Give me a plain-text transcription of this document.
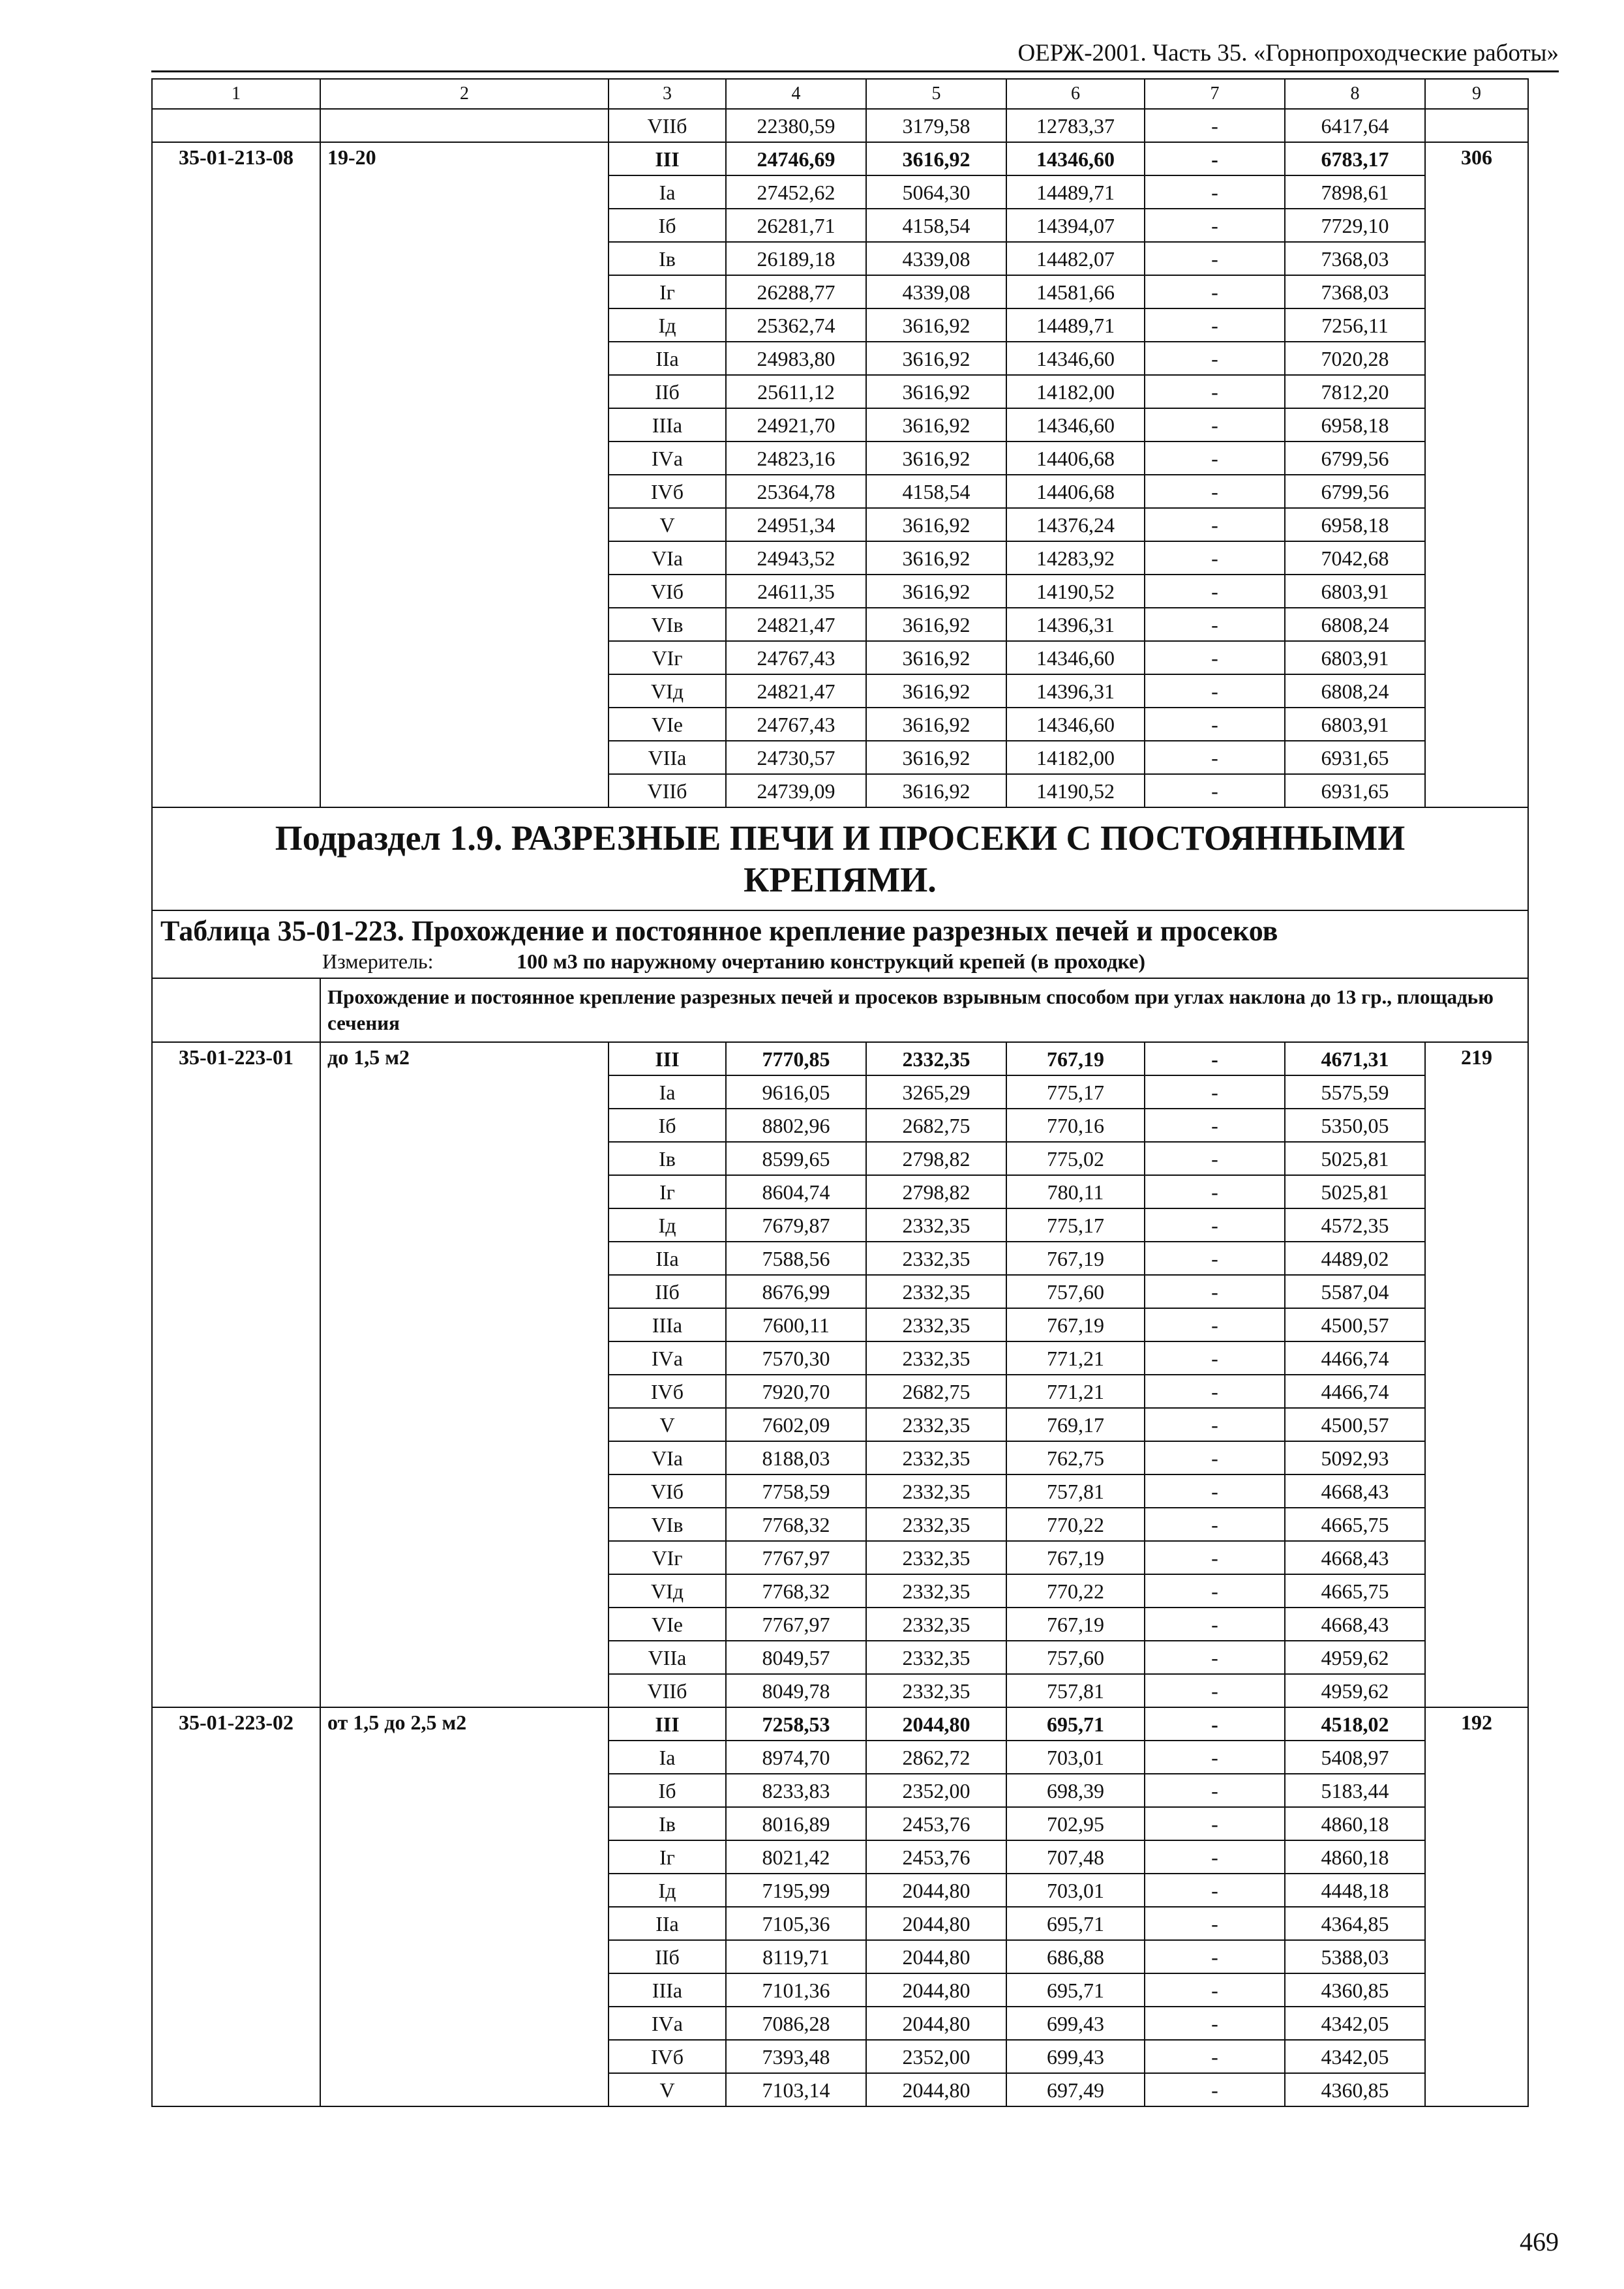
ОЕРЖ-2001. Часть 35. «Горнопроходческие работы»
1	2	3	4	5	6	7	8	9
		VIIб	22380,59	3179,58	12783,37	-	6417,64	
35-01-213-08	19-20	III	24746,69	3616,92	14346,60	-	6783,17	306
		Iа	27452,62	5064,30	14489,71	-	7898,61	
		Iб	26281,71	4158,54	14394,07	-	7729,10	
		Iв	26189,18	4339,08	14482,07	-	7368,03	
		Iг	26288,77	4339,08	14581,66	-	7368,03	
		Iд	25362,74	3616,92	14489,71	-	7256,11	
		IIа	24983,80	3616,92	14346,60	-	7020,28	
		IIб	25611,12	3616,92	14182,00	-	7812,20	
		IIIа	24921,70	3616,92	14346,60	-	6958,18	
		IVа	24823,16	3616,92	14406,68	-	6799,56	
		IVб	25364,78	4158,54	14406,68	-	6799,56	
		V	24951,34	3616,92	14376,24	-	6958,18	
		VIа	24943,52	3616,92	14283,92	-	7042,68	
		VIб	24611,35	3616,92	14190,52	-	6803,91	
		VIв	24821,47	3616,92	14396,31	-	6808,24	
		VIг	24767,43	3616,92	14346,60	-	6803,91	
		VIд	24821,47	3616,92	14396,31	-	6808,24	
		VIе	24767,43	3616,92	14346,60	-	6803,91	
		VIIа	24730,57	3616,92	14182,00	-	6931,65	
		VIIб	24739,09	3616,92	14190,52	-	6931,65	
Подраздел 1.9. РАЗРЕЗНЫЕ ПЕЧИ И ПРОСЕКИ С ПОСТОЯННЫМИ КРЕПЯМИ.								
Таблица 35-01-223. Прохождение и постоянное крепление разрезных печей и просеков								
Измеритель: 100 м3 по наружному очертанию конструкций крепей (в проходке)								
	Прохождение и постоянное крепление разрезных печей и просеков взрывным способом при углах наклона до 13 гр., площадью сечения							
35-01-223-01	до 1,5 м2	III	7770,85	2332,35	767,19	-	4671,31	219
		Iа	9616,05	3265,29	775,17	-	5575,59	
		Iб	8802,96	2682,75	770,16	-	5350,05	
		Iв	8599,65	2798,82	775,02	-	5025,81	
		Iг	8604,74	2798,82	780,11	-	5025,81	
		Iд	7679,87	2332,35	775,17	-	4572,35	
		IIа	7588,56	2332,35	767,19	-	4489,02	
		IIб	8676,99	2332,35	757,60	-	5587,04	
		IIIа	7600,11	2332,35	767,19	-	4500,57	
		IVа	7570,30	2332,35	771,21	-	4466,74	
		IVб	7920,70	2682,75	771,21	-	4466,74	
		V	7602,09	2332,35	769,17	-	4500,57	
		VIа	8188,03	2332,35	762,75	-	5092,93	
		VIб	7758,59	2332,35	757,81	-	4668,43	
		VIв	7768,32	2332,35	770,22	-	4665,75	
		VIг	7767,97	2332,35	767,19	-	4668,43	
		VIд	7768,32	2332,35	770,22	-	4665,75	
		VIе	7767,97	2332,35	767,19	-	4668,43	
		VIIа	8049,57	2332,35	757,60	-	4959,62	
		VIIб	8049,78	2332,35	757,81	-	4959,62	
35-01-223-02	от 1,5 до 2,5 м2	III	7258,53	2044,80	695,71	-	4518,02	192
		Iа	8974,70	2862,72	703,01	-	5408,97	
		Iб	8233,83	2352,00	698,39	-	5183,44	
		Iв	8016,89	2453,76	702,95	-	4860,18	
		Iг	8021,42	2453,76	707,48	-	4860,18	
		Iд	7195,99	2044,80	703,01	-	4448,18	
		IIа	7105,36	2044,80	695,71	-	4364,85	
		IIб	8119,71	2044,80	686,88	-	5388,03	
		IIIа	7101,36	2044,80	695,71	-	4360,85	
		IVа	7086,28	2044,80	699,43	-	4342,05	
		IVб	7393,48	2352,00	699,43	-	4342,05	
		V	7103,14	2044,80	697,49	-	4360,85	
469
